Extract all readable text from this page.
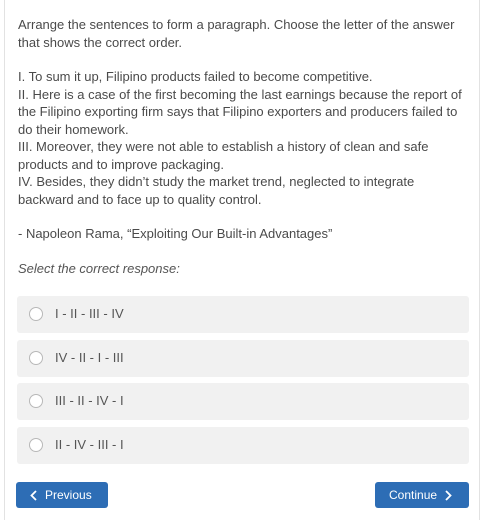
Arrange the sentences to form a paragraph. Choose the letter of the answer that shows the correct order.

I. To sum it up, Filipino products failed to become competitive.

II. Here is a case of the first becoming the last earnings because the report of the Filipino exporting firm says that Filipino exporters and producers failed to do their homework.

III. Moreover, they were not able to establish a history of clean and safe products and to improve packaging.

IV. Besides, they didn’t study the market trend, neglected to integrate backward and to face up to quality control.

- Napoleon Rama, “Exploiting Our Built-in Advantages”

Select the correct response:

I - II - III - IV
IV - II - I - III
III - II - IV - I
II - IV - III - I
Previous	Continue
